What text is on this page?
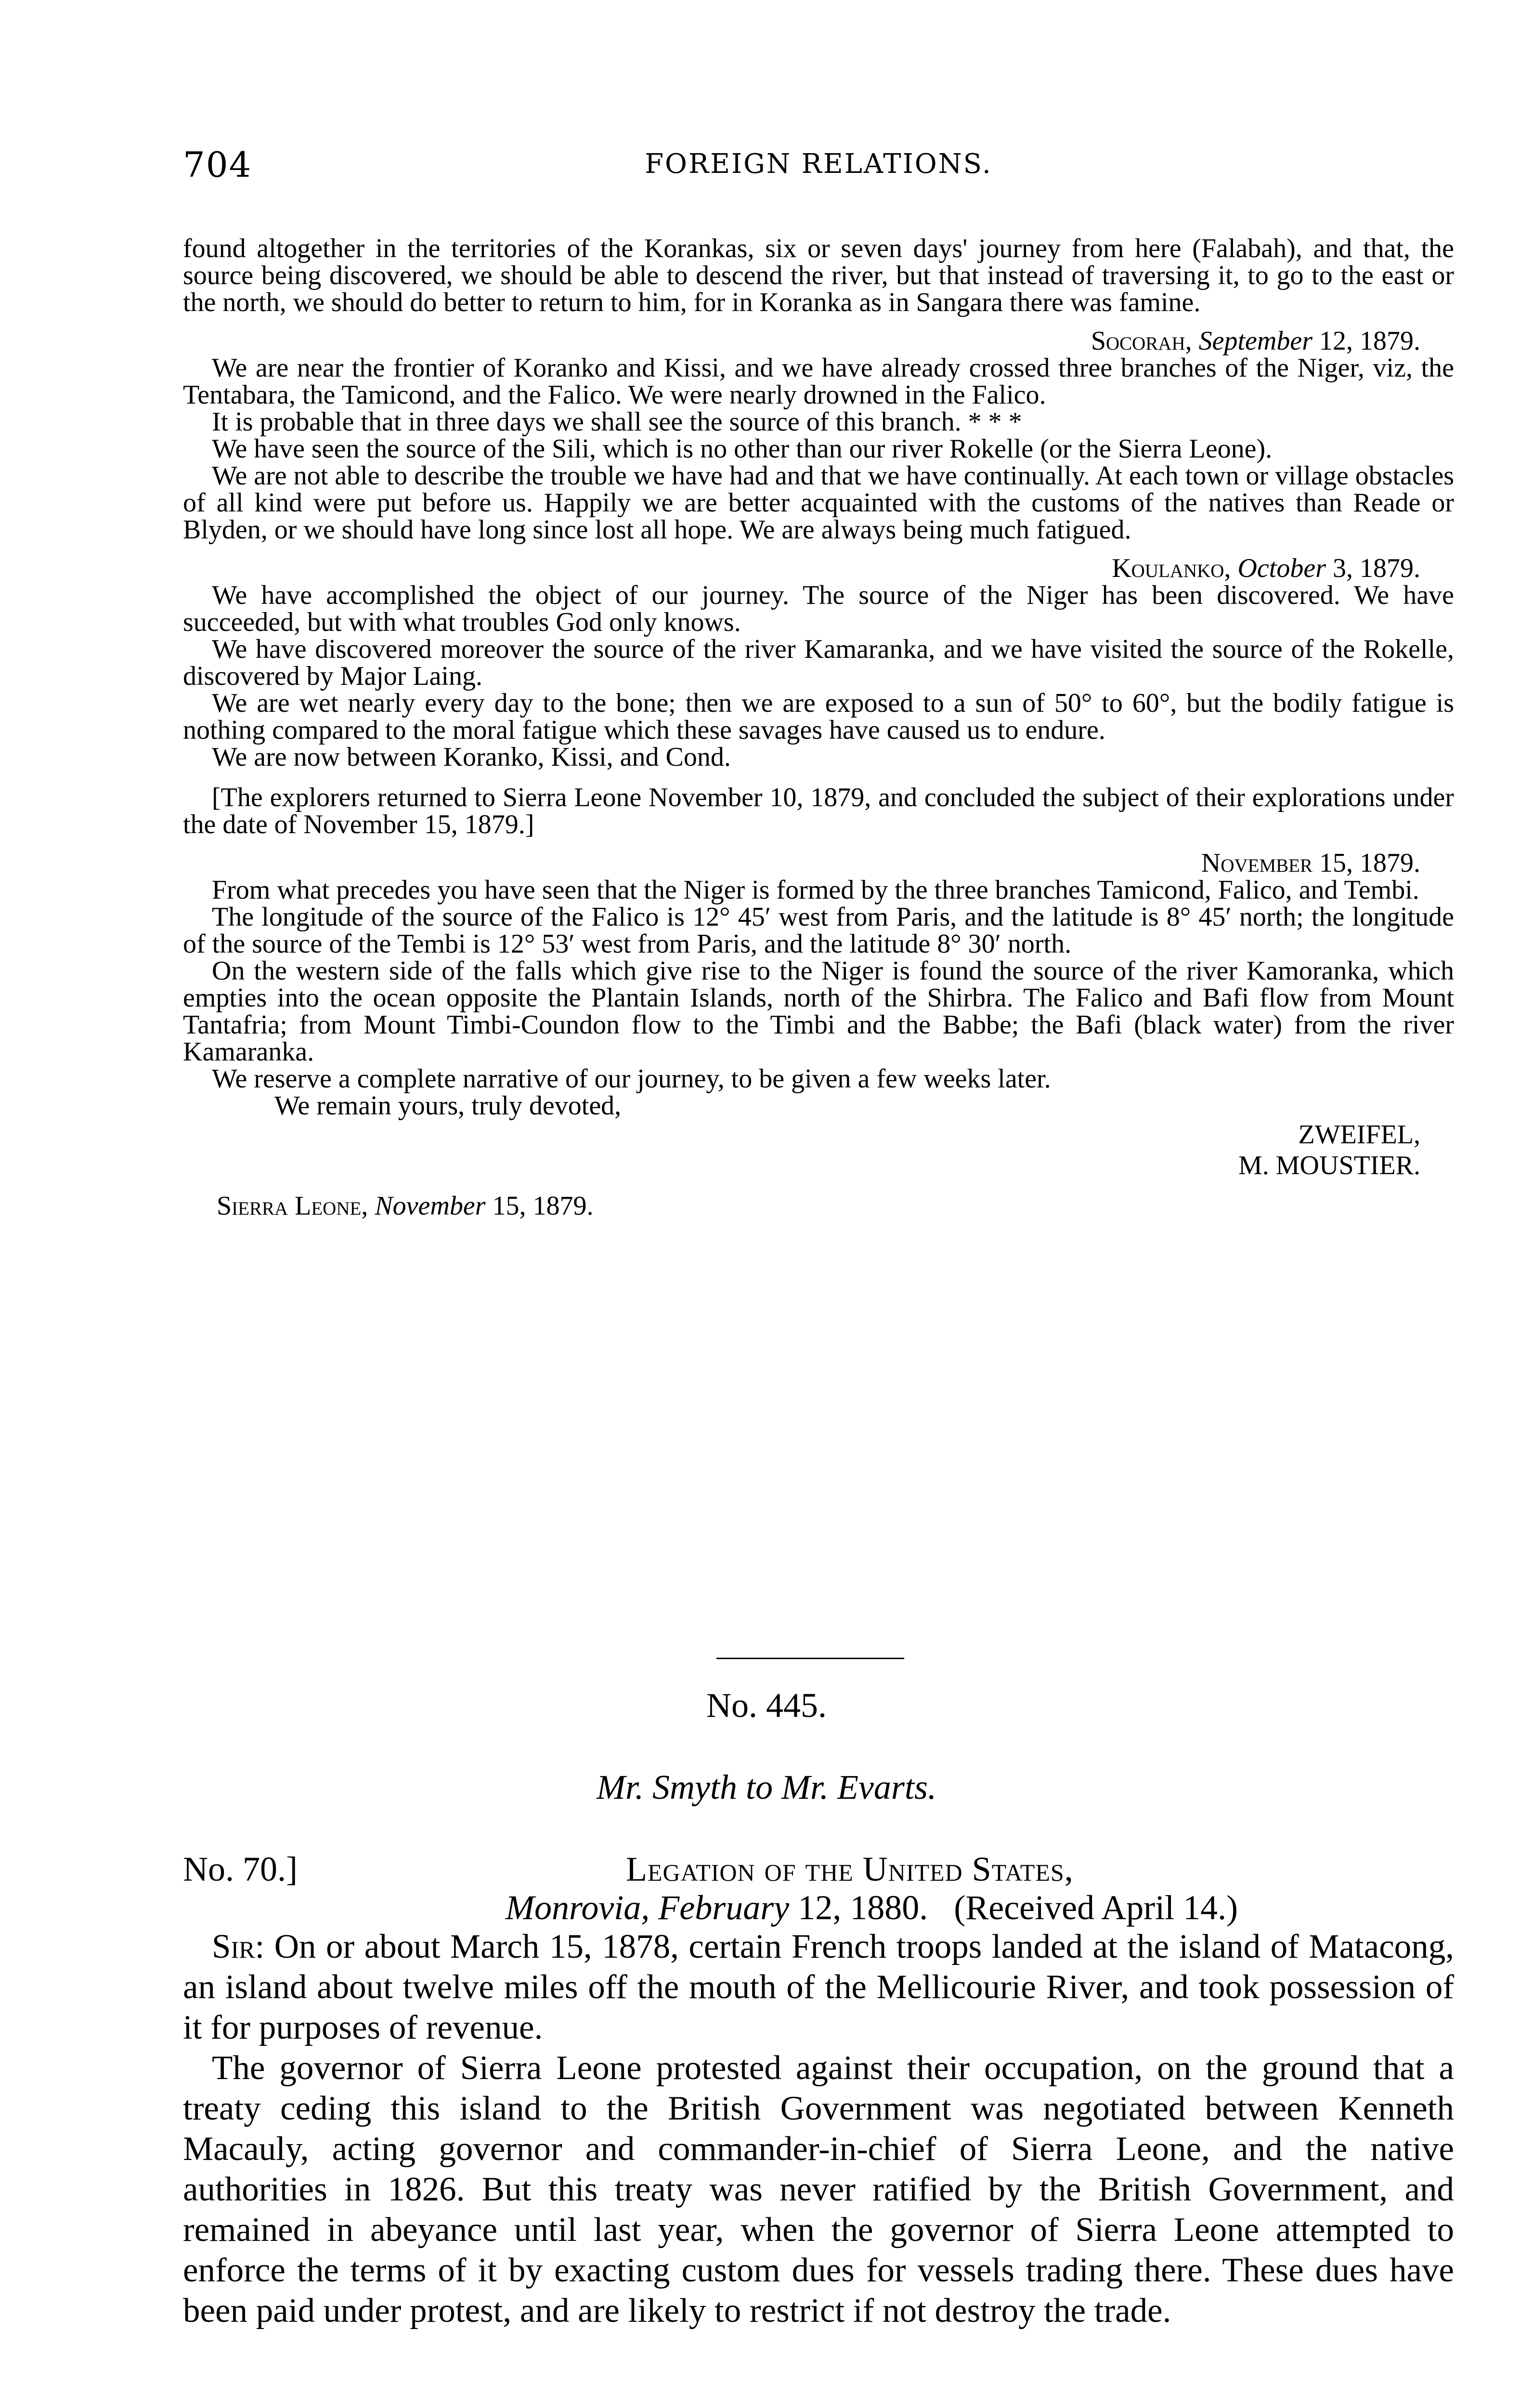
704	FOREIGN RELATIONS.

found altogether in the territories of the Korankas, six or seven days' journey from here (Falabah), and that, the source being discovered, we should be able to descend the river, but that instead of traversing it, to go to the east or the north, we should do better to return to him, for in Koranka as in Sangara there was famine.

Socorah, September 12, 1879.

We are near the frontier of Koranko and Kissi, and we have already crossed three branches of the Niger, viz, the Tentabara, the Tamicond, and the Falico. We were nearly drowned in the Falico.

It is probable that in three days we shall see the source of this branch. * * *

We have seen the source of the Sili, which is no other than our river Rokelle (or the Sierra Leone).

We are not able to describe the trouble we have had and that we have continually. At each town or village obstacles of all kind were put before us. Happily we are better acquainted with the customs of the natives than Reade or Blyden, or we should have long since lost all hope. We are always being much fatigued.

Koulanko, October 3, 1879.

We have accomplished the object of our journey. The source of the Niger has been discovered. We have succeeded, but with what troubles God only knows.

We have discovered moreover the source of the river Kamaranka, and we have visited the source of the Rokelle, discovered by Major Laing.

We are wet nearly every day to the bone; then we are exposed to a sun of 50° to 60°, but the bodily fatigue is nothing compared to the moral fatigue which these savages have caused us to endure.

We are now between Koranko, Kissi, and Cond.

[The explorers returned to Sierra Leone November 10, 1879, and concluded the subject of their explorations under the date of November 15, 1879.]

November 15, 1879.

From what precedes you have seen that the Niger is formed by the three branches Tamicond, Falico, and Tembi.

The longitude of the source of the Falico is 12° 45′ west from Paris, and the latitude is 8° 45′ north; the longitude of the source of the Tembi is 12° 53′ west from Paris, and the latitude 8° 30′ north.

On the western side of the falls which give rise to the Niger is found the source of the river Kamoranka, which empties into the ocean opposite the Plantain Islands, north of the Shirbra. The Falico and Bafi flow from Mount Tantafria; from Mount Timbi-Coundon flow to the Timbi and the Babbe; the Bafi (black water) from the river Kamaranka.

We reserve a complete narrative of our journey, to be given a few weeks later.

We remain yours, truly devoted,

ZWEIFEL,
M. MOUSTIER.

Sierra Leone, November 15, 1879.

No. 445.
Mr. Smyth to Mr. Evarts.
No. 70.]	Legation of the United States,
Monrovia, February 12, 1880. (Received April 14.)

Sir: On or about March 15, 1878, certain French troops landed at the island of Matacong, an island about twelve miles off the mouth of the Mellicourie River, and took possession of it for purposes of revenue.

The governor of Sierra Leone protested against their occupation, on the ground that a treaty ceding this island to the British Government was negotiated between Kenneth Macauly, acting governor and commander-in-chief of Sierra Leone, and the native authorities in 1826. But this treaty was never ratified by the British Government, and remained in abeyance until last year, when the governor of Sierra Leone attempted to enforce the terms of it by exacting custom dues for vessels trading there. These dues have been paid under protest, and are likely to restrict if not destroy the trade.
